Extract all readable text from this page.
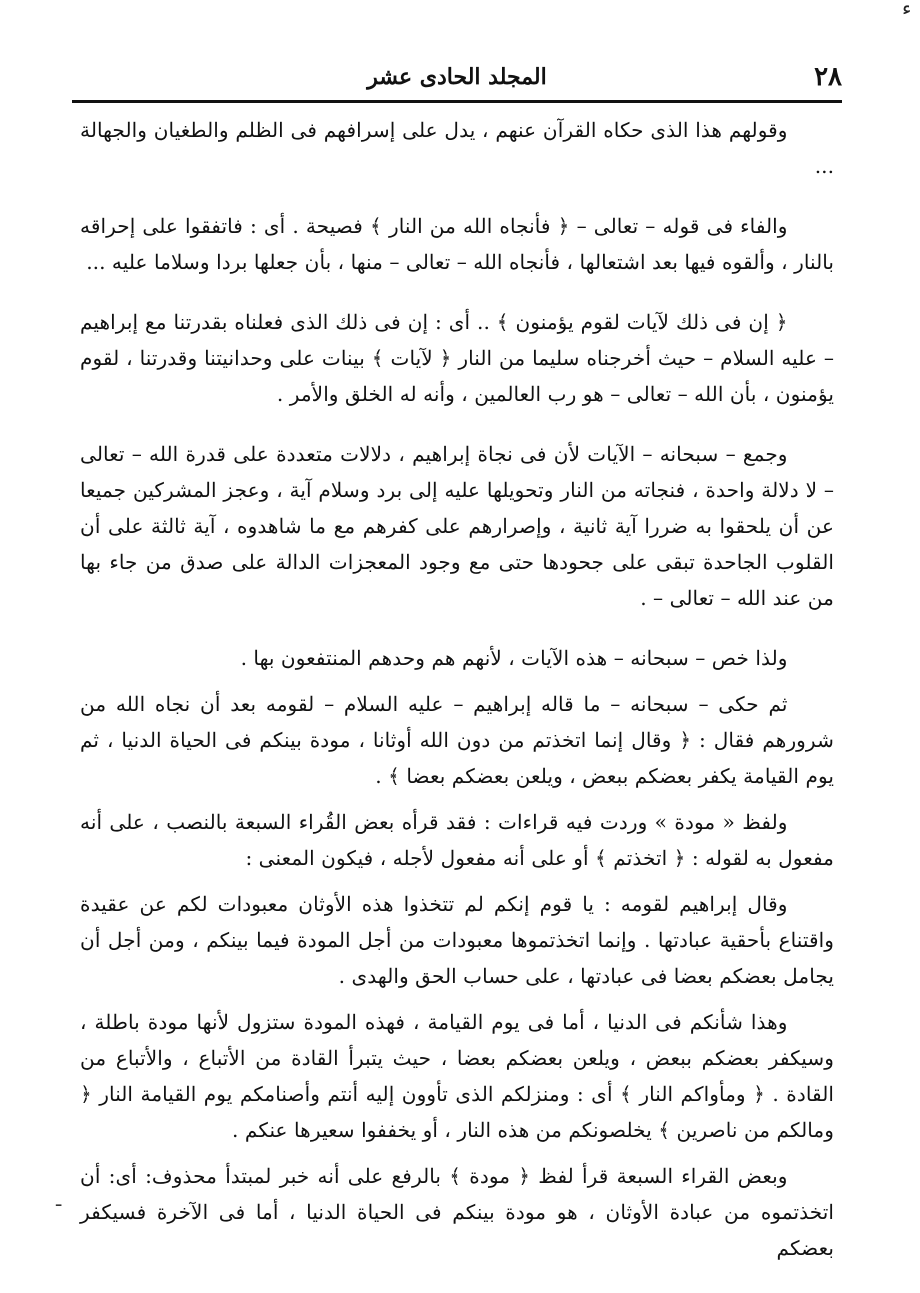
ء
٢٨
المجلد الحادى عشر

وقولهم هذا الذى حكاه القرآن عنهم ، يدل على إسرافهم فى الظلم والطغيان والجهالة ...

والفاء فى قوله – تعالى – ﴿ فأنجاه الله من النار ﴾ فصيحة . أى : فاتفقوا على إحراقه بالنار ، وألقوه فيها بعد اشتعالها ، فأنجاه الله – تعالى – منها ، بأن جعلها بردا وسلاما عليه ...

﴿ إن فى ذلك لآيات لقوم يؤمنون ﴾ .. أى : إن فى ذلك الذى فعلناه بقدرتنا مع إبراهيم – عليه السلام – حيث أخرجناه سليما من النار ﴿ لآيات ﴾ بينات على وحدانيتنا وقدرتنا ، لقوم يؤمنون ، بأن الله – تعالى – هو رب العالمين ، وأنه له الخلق والأمر .

وجمع – سبحانه – الآيات لأن فى نجاة إبراهيم ، دلالات متعددة على قدرة الله – تعالى – لا دلالة واحدة ، فنجاته من النار وتحويلها عليه إلى برد وسلام آية ، وعجز المشركين جميعا عن أن يلحقوا به ضررا آية ثانية ، وإصرارهم على كفرهم مع ما شاهدوه ، آية ثالثة على أن القلوب الجاحدة تبقى على جحودها حتى مع وجود المعجزات الدالة على صدق من جاء بها من عند الله – تعالى – .

ولذا خص – سبحانه – هذه الآيات ، لأنهم هم وحدهم المنتفعون بها .

ثم حكى – سبحانه – ما قاله إبراهيم – عليه السلام – لقومه بعد أن نجاه الله من شرورهم فقال : ﴿ وقال إنما اتخذتم من دون الله أوثانا ، مودة بينكم فى الحياة الدنيا ، ثم يوم القيامة يكفر بعضكم ببعض ، ويلعن بعضكم بعضا ﴾ .

ولفظ « مودة » وردت فيه قراءات : فقد قرأه بعض القُراء السبعة بالنصب ، على أنه مفعول به لقوله : ﴿ اتخذتم ﴾ أو على أنه مفعول لأجله ، فيكون المعنى :

وقال إبراهيم لقومه : يا قوم إنكم لم تتخذوا هذه الأوثان معبودات لكم عن عقيدة واقتناع بأحقية عبادتها . وإنما اتخذتموها معبودات من أجل المودة فيما بينكم ، ومن أجل أن يجامل بعضكم بعضا فى عبادتها ، على حساب الحق والهدى .

وهذا شأنكم فى الدنيا ، أما فى يوم القيامة ، فهذه المودة ستزول لأنها مودة باطلة ، وسيكفر بعضكم ببعض ، ويلعن بعضكم بعضا ، حيث يتبرأ القادة من الأتباع ، والأتباع من القادة . ﴿ ومأواكم النار ﴾ أى : ومنزلكم الذى تأوون إليه أنتم وأصنامكم يوم القيامة النار ﴿ ومالكم من ناصرين ﴾ يخلصونكم من هذه النار ، أو يخففوا سعيرها عنكم .

وبعض القراء السبعة قرأ لفظ ﴿ مودة ﴾ بالرفع على أنه خبر لمبتدأ محذوف: أى: أن اتخذتموه من عبادة الأوثان ، هو مودة بينكم فى الحياة الدنيا ، أما فى الآخرة فسيكفر بعضكم

ـ
